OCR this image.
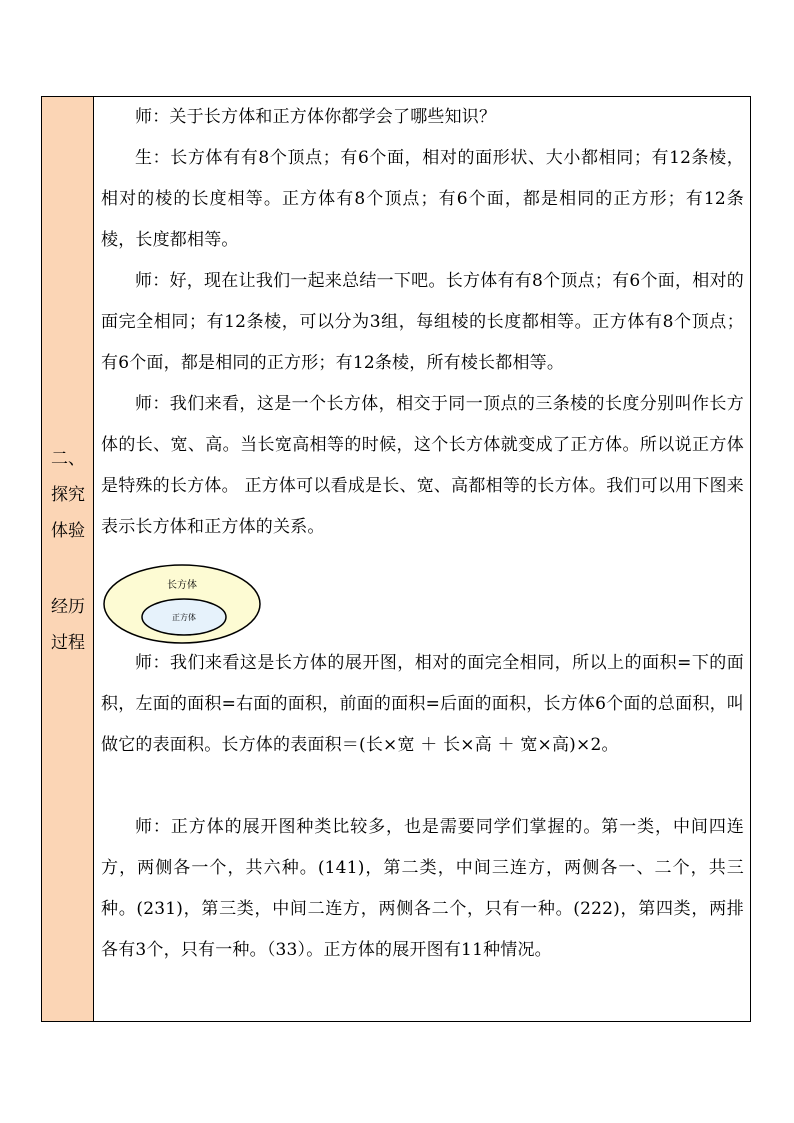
二、
探究
体验
经历
过程

师：关于长方体和正方体你都学会了哪些知识？

生：长方体有有8个顶点；有6个面，相对的面形状、大小都相同；有12条棱，相对的棱的长度相等。正方体有8个顶点；有6个面，都是相同的正方形；有12条棱，长度都相等。

师：好，现在让我们一起来总结一下吧。长方体有有8个顶点；有6个面，相对的面完全相同；有12条棱，可以分为3组，每组棱的长度都相等。正方体有8个顶点；有6个面，都是相同的正方形；有12条棱，所有棱长都相等。

师：我们来看，这是一个长方体，相交于同一顶点的三条棱的长度分别叫作长方体的长、宽、高。当长宽高相等的时候，这个长方体就变成了正方体。所以说正方体是特殊的长方体。 正方体可以看成是长、宽、高都相等的长方体。我们可以用下图来表示长方体和正方体的关系。

长方体
正方体

师：我们来看这是长方体的展开图，相对的面完全相同，所以上的面积=下的面积，左面的面积=右面的面积，前面的面积=后面的面积，长方体6个面的总面积，叫做它的表面积。长方体的表面积＝(长×宽 ＋ 长×高 ＋ 宽×高)×2。

师：正方体的展开图种类比较多，也是需要同学们掌握的。第一类，中间四连方，两侧各一个，共六种。(141)，第二类，中间三连方，两侧各一、二个，共三种。(231)，第三类，中间二连方，两侧各二个，只有一种。(222)，第四类，两排各有3个，只有一种。（33）。正方体的展开图有11种情况。
